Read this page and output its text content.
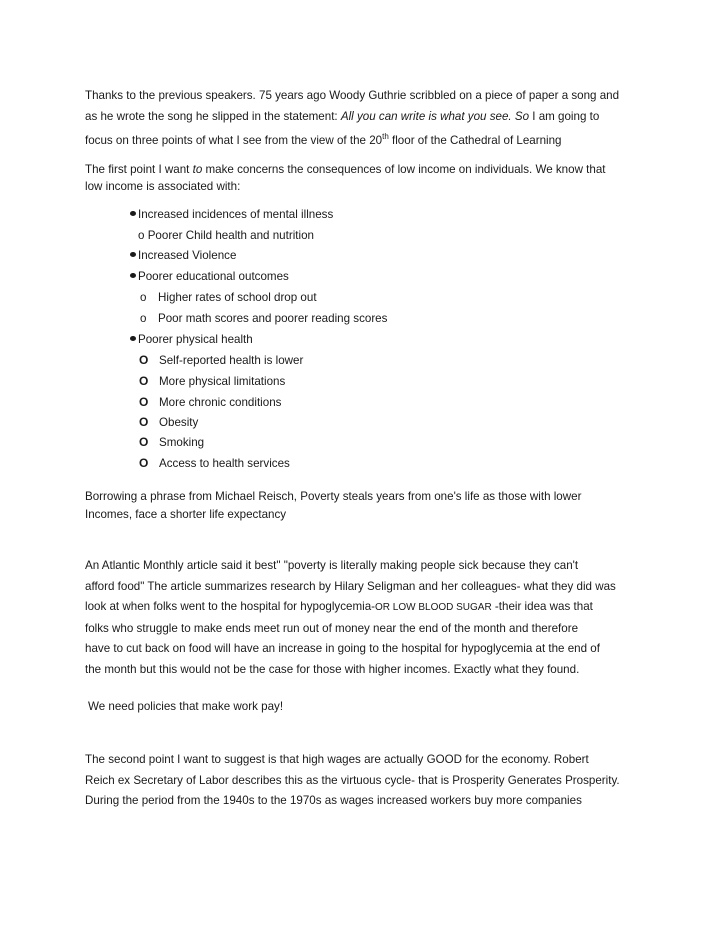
Thanks to the previous speakers. 75 years ago Woody Guthrie scribbled on a piece of paper a song and
as he wrote the song he slipped in the statement: All you can write is what you see. So I am going to
focus on three points of what I see from the view of the 20th floor of the Cathedral of Learning

The first point I want to make concerns the consequences of low income on individuals. We know that
low income is associated with:

Increased incidences of mental illness
o Poorer Child health and nutrition
Increased Violence
Poorer educational outcomes
o Higher rates of school drop out
o Poor math scores and poorer reading scores
Poorer physical health
O Self-reported health is lower
O More physical limitations
O More chronic conditions
O Obesity
O Smoking
O Access to health services

Borrowing a phrase from Michael Reisch, Poverty steals years from one's life as those with lower
Incomes, face a shorter life expectancy

An Atlantic Monthly article said it best" "poverty is literally making people sick because they can't
afford food" The article summarizes research by Hilary Seligman and her colleagues- what they did was
look at when folks went to the hospital for hypoglycemia-OR LOW BLOOD SUGAR -their idea was that
folks who struggle to make ends meet run out of money near the end of the month and therefore
have to cut back on food will have an increase in going to the hospital for hypoglycemia at the end of
the month but this would not be the case for those with higher incomes. Exactly what they found.

We need policies that make work pay!

The second point I want to suggest is that high wages are actually GOOD for the economy. Robert
Reich ex Secretary of Labor describes this as the virtuous cycle- that is Prosperity Generates Prosperity.
During the period from the 1940s to the 1970s as wages increased workers buy more companies
